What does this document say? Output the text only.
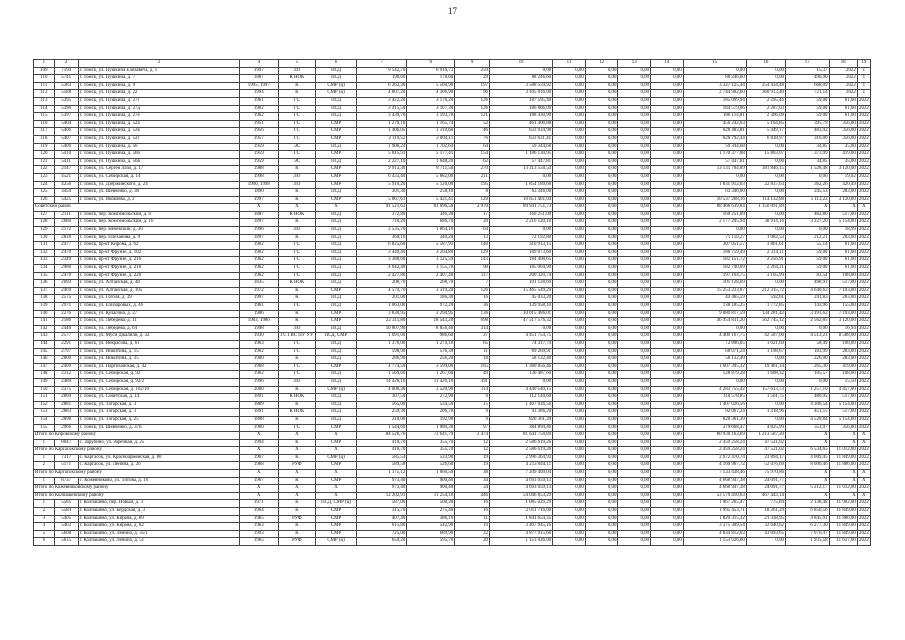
17
1	2	3	4	5	6	7	8	9	10	11	12	13	14	15	16	17	18	19
109	7194	г. Томск, ул. Пушкина Елизавета, д. 1	1997	ЛО	ПСД	9 542,70	6 916,73	259	0,00	0,00	0,00	0,00	0,00	0,00	0,00	15,37	2022	1
110	5741	г. Томск, ул. Пушкина, д. 7	1887	К НОК	ПСД	198,60	178,60	29	88 246,60	0,00	0,00	0,00	0,00	88 246,60	0,00	496,90	2022	1
111	5383	г. Томск, ул. Пушкина, д. 9	1995, 1997	К	СМР (ц)	6 262,30	5 560,90	197	3 588 559,92	0,00	0,00	0,00	0,00	3 327 125,44	254 434,48	668,09	2022	1
112	5588	г. Томск, ул. Пушкина, д. 22	1994	К	СМР (ц)	4 807,20	4 306,90	96	3 105 816,00	0,00	0,00	0,00	0,00	2 744 902,60	360 913,40	721,14	2022	1
113	5395	г. Томск, ул. Пушкина, д. 27г	1961	ГС	ПСД	3 422,20	3 176,20	126	187 595,40	0,00	0,00	0,00	0,00	185 099,94	2 295,46	59,00	61,00	2022
114	5396	г. Томск, ул. Пушкина, д. 27д	1962	ГС	ПСД	3 415,50	3 167,30	126	186 866,09	0,00	0,00	0,00	0,00	184 579,06	2 287,03	59,00	61,00	2022
115	5397	г. Томск, ул. Пушкина, д. 27е	1962	ГС	ПСД	3 439,70	3 193,70	121	188 430,90	0,00	0,00	0,00	0,00	186 114,81	2 306,09	59,00	61,00	2022
116	5404	г. Томск, ул. Пушкина, д. 52а	1951	ГС	СМР	1 279,18	1 165,74	52	461 406,88	0,00	0,00	0,00	0,00	456 242,03	5 164,85	395,79	356,00	2022
117	5406	г. Томск, ул. Пушкина, д. 52в	1956	ГС	СМР	1 406,05	1 310,60	46	633 934,98	0,00	0,00	0,00	0,00	628 483,81	5 449,17	483,92	356,00	2022
118	5407	г. Томск, ул. Пушкина, д. 52г	1957	ГС	СМР	2 119,52	2 004,11	76	633 631,41	0,00	0,00	0,00	0,00	626 792,44	6 838,97	316,00	356,00	2022
119	5409	г. Томск, ул. Пушкина, д. 56	1959	ЭС	ПСД	1 900,24	1 702,64	64	59 344,68	0,00	0,00	0,00	0,00	59 344,68	0,00	34,85	35,00	2022
120	5410	г. Томск, ул. Пушкина, д. 56б	1959	ГС	СМР	5 815,91	5 177,41	154	1 186 130,95	0,00	0,00	0,00	0,00	1 170 377,88	15 803,07	373,99	419,00	2022
121	5411	г. Томск, ул. Пушкина, д. 56в	1959	ЭС	ПСД	2 227,10	1 648,20	62	57 447,81	0,00	0,00	0,00	0,00	57 447,81	0,00	34,85	35,00	2022
122	2147	г. Томск, ул. Сергея Лазо, д. 17	1988	К	СМР	9 913,30	8 711,50	270	13 313 550,54	0,00	0,00	0,00	0,00	13 131 704,89	181 846,15	1 528,48	3 120,00	2022
123	4521	г. Томск, ул. Сибирская, д. 14	1998	ЛО	СМР	6 433,40	5 882,00	211	0,00	0,00	0,00	0,00	0,00	0,00	0,00	0,00	19,02	2022
124	4256	г. Томск, ул. Дзержинского, д. 24	1990, 1998	ЛО	СМР	5 910,20	5 120,00	195	1 854 189,66	0,00	0,00	0,00	0,00	1 831 912,03	22 837,63	362,26	420,49	2022
125	3454	г. Томск, ул. Шевченко, д. 38	1890	К	ПСД	301,30	258,10	8	63 346,00	0,00	0,00	0,00	0,00	63 346,00	0,00	245,53	283,00	2022
126	5425	г. Томск, ул. Яковлева, д. 2	1997	К	СМР	5 867,61	5 421,41	129	10 651 401,04	0,00	0,00	0,00	0,00	10 537 268,16	114 132,88	5 113,22	3 120,00	2022
Советский район			X	X	X	91 521,63	81 096,58	2 970	89 941 751,73	0,00	0,00	0,00	0,00	88 466 639,84	1 150 091,89	X	X	X
127	2111	г. Томск, пер. Комсомольский, д. 6	1887	К НОК	ПСД	372,80	346,30	17	160 251,09	0,00	0,00	0,00	0,00	160 251,09	0,00	462,80	517,00	2022
128	2680	г. Томск, пер. Комсомольский, д. 16	1897	К	ПСД	718,20	686,70	20	2 216 120,10	0,00	0,00	0,00	0,00	2 177 205,94	38 914,16	3 227,20	5 154,00	2022
129	2172	г. Томск, пер. Нечевский, д. 30	1996	ЛО	ПСД	2 535,70	1 864,10	64	0,00	0,00	0,00	0,00	0,00	0,00	0,00	0,00	18,99	2022
130	2818	г. Томск, пер. Плеханова, д. 9	1897	К	ПСД	360,10	340,20	13	72 192,80	0,00	0,00	0,00	0,00	71 110,27	1 082,53	212,21	283,00	2022
131	2477	г. Томск, пр-кт Кирова, д. 62	1962	ГС	ПСД	6 825,60	5 587,91	140	310 913,15	0,00	0,00	0,00	0,00	307 051,57	3 861,61	55,14	61,00	2022
132	2470	г. Томск, пр-кт Фрунзе, д. 102	1962	ГС	ПСД	3 449,40	3 204,80	129	189 073,60	0,00	0,00	0,00	0,00	186 759,49	2 314,11	59,00	61,00	2022
133	2349	г. Томск, пр-кт Фрунзе, д. 216	1962	ГС	ПСД	3 388,60	3 125,59	143	184 408,65	0,00	0,00	0,00	0,00	182 151,72	2 256,91	59,00	61,00	2022
134	2980	г. Томск, пр-кт Фрунзе, д. 218	1962	ГС	ПСД	4 042,40	3 155,70	90	185 004,90	0,00	0,00	0,00	0,00	182 740,69	2 264,21	59,00	61,00	2022
135	2479	г. Томск, пр-кт Фрунзе, д. 220	1962	ГС	ПСД	2 427,80	2 407,40	117	200 320,74	0,00	0,00	0,00	0,00	197 164,75	3 165,99	83,54	108,00	2022
136	2093	г. Томск, ул. Алтайская, д. 48	1835	К НОК	ПСД	208,70	208,70	7	101 128,69	0,00	0,00	0,00	0,00	101 128,69	0,00	498,91	517,00	2022
137	2469	г. Томск, ул. Алтайская, д. 105	1972	К	СМР	4 574,70	3 319,20	126	15 465 549,29	0,00	0,00	0,00	0,00	15 253 233,87	212 315,72	4 640,63	7 193,00	2022
138	2575	г. Томск, ул. Гоголя, д. 39	1907	К	ПСД	201,00	186,30	16	45 033,20	0,00	0,00	0,00	0,00	44 465,59	592,61	241,83	283,00	2022
139	2971	г. Томск, ул. Елизаровых, д. 46	1961	ГС	ПСД	1 063,00	972,20	36	139 958,10	0,00	0,00	0,00	0,00	138 185,25	1 772,85	143,96	155,00	2022
140	2276	г. Томск, ул. Кулагина, д. 27	1986	К	СМР	3 830,95	3 294,95	136	10 015 486,01	0,00	0,00	0,00	0,00	9 880 817,59	134 281,42	3 191,62	7 193,00	2022
141	2186	г. Томск, ул. Лебедева, д. 11	1983, 1986	К	СМР	22 311,80	18 543,20	698	47 517 576,32	0,00	0,00	0,00	0,00	46 954 831,20	562 745,12	2 562,85	3 120,00	2022
142	2440	г. Томск, ул. Лебедева, д. 64	1998	ЛО	ПСД	10 807,90	8 856,40	314	0,00	0,00	0,00	0,00	0,00	0,00	0,00	0,00	16,94	2022
143	2577	г. Томск, ул. Муси Джалиля, д. 32	1930	ГС ГВС ПУ УУ	ПСД, СМР	1 091,00	986,60	37	4 451 754,75	0,00	0,00	0,00	0,00	4 409 167,75	42 587,00	4 513,21	8 588,00	2022
144	2291	г. Томск, ул. Некрасова, д. 61	1963	ГС	ПСД	1 376,00	1 274,10	65	74 317,74	0,00	0,00	0,00	0,00	72 896,05	1 621,69	58,49	108,00	2022
145	2797	г. Томск, ул. Никитина, д. 15	1962	ГС	ПСД	598,90	576,30	11	69 269,91	0,00	0,00	0,00	0,00	68 071,24	1 198,67	183,99	283,00	2022
146	2800	г. Томск, ул. Никитина, д. 35	1900	К	ПСД	286,90	256,20	18	58 132,40	0,00	0,00	0,00	0,00	58 132,40	0,00	226,90	283,00	2022
147	2409	г. Томск, ул. Партизанская, д. 42	1968	ГС	СМР	4 774,50	3 599,00	165	1 380 856,46	0,00	0,00	0,00	0,00	1 607 395,32	19 461,14	265,30	419,00	2022
148	2312	г. Томск, ул. Сибирская, д. 92	1962	ГС	ПСД	1 569,60	1 267,60	49	130 487,60	0,00	0,00	0,00	0,00	128 879,28	1 608,32	105,57	108,00	2022
149	2489	г. Томск, ул. Сибирская, д. 92/2	1996	ЛО	ПСД	14 426,10	11 426,10	391	0,00	0,00	0,00	0,00	0,00	0,00	0,00	0,00	15,50	2022
150	2375	г. Томск, ул. Сибирская, д. 102/10	2000	К	СМР (ц)	4 006,30	3 520,90	114	4 440 540,15	0,00	0,00	0,00	0,00	4 283 755,42	157 613,73	1 257,10	4 457,00	2022
151	2869	г. Томск, ул. Советская, д. 14	1891	К НОК	ПСД	307,50	272,90	9	112 140,60	0,00	0,00	0,00	0,00	110 578,85	1 561,75	480,95	517,00	2022
152	2881	г. Томск, ул. Татарская, д. 3	1889	К	ПСД	565,00	534,50	15	1 407 026,56	0,00	0,00	0,00	0,00	1 407 026,56	0,00	4 306,54	5 154,00	2022
153	2883	г. Томск, ул. Татарская, д. 3	1891	К НОК	ПСД	259,30	206,70	9	93 386,20	0,00	0,00	0,00	0,00	92 067,24	1 318,96	451,55	517,00	2022
154	2898	г. Томск, ул. Татарская, д. 25	1898	К	ПСД	210,00	192,90	9	820 361,39	0,00	0,00	0,00	0,00	820 361,39	0,00	4 520,84	5 154,00	2022
155	2966	г. Томск, ул. Шевченко, д. 37б	1960	ГС	СМР	1 544,60	1 080,30	97	384 894,46	0,00	0,00	0,00	0,00	379 668,47	4 825,99	353,97	356,00	2022
Итого по Кировскому району			X	X	X	84 526,76	73 641,79	2 474	81 641 750,89	0,00	0,00	0,00	0,00	80 930 163,69	1 213 587,20	X	X	X
1	8047	с. Зарубино, ул. Заречная, д. 25	1994	К	СМР	410,70	355,70	12	2 586 619,26	0,00	0,00	0,00	0,00	2 459 258,24	47 521,02	X	X	X
Итого по Каргасокскому району			X	X	X	410,70	355,70	12	2 586 619,26	0,00	0,00	0,00	0,00	2 459 258,24	47 521,02	6 534,65	11 012,00	2022
1	7317	с. Каргасок, ул. Красноармейская, д. 80	1967	К	СМР (ц)	585,54	533,90	19	2 996 364,93	0,00	0,00	0,00	0,00	2 972 470,74	23 894,17	4 009,45	11 849,00	2022
2	5171	с. Каргасок, ул. Ленина, д. 26	1968	РУФ	СМР	589,58	526,60	19	4 213 044,11	0,00	0,00	0,00	0,00	4 160 967,72	52 076,69	8 000,46	11 886,00	2022
Итого по Каргасокскому району			X	X	X	1 175,12	1 060,50	38	7 209 409,04	0,00	0,00	0,00	0,00	7 133 438,46	75 970,86	X	X	X
1	8737	с. Кожевниково, ул. Титова, д. 10	1967	К	СМР	973,40	900,40	34	4 693 059,13	0,00	0,00	0,00	0,00	4 668 947,38	24 091,77	X	X	X
Итого по Кожевниковскому району			X	X	X	973,40	900,40	34	4 693 059,13	0,00	0,00	0,00	0,00	4 668 947,38	24 091,77	5 212,17	11 012,00	2022
Итого по Колпашевскому району			X	X	X	12 202,91	11 254,10	446	54 046 853,29	0,00	0,00	0,00	0,00	53 579 410,63	467 443,14	X	X	X
1	5585	г. Колпашево, пер. Новый, д. 3	1971	К	ПСД, СМР (ц)	587,00	508,30	16	1 085 029,29	0,00	0,00	0,00	0,00	1 067 265,47	775,84	2 138,48	11 982,00	2022
2	5584	г. Колпашево, ул. Бердская, д. 3	1964	К	СМР	315,70	275,40	16	2 011 716,00	0,00	0,00	0,00	0,00	1 995 453,71	18 261,29	6 856,56	11 849,00	2022
3	5405	г. Колпашево, ул. Кирова, д. 89	1965	РУФ	СМР	407,40	386,10	11	1 841 654,35	0,00	0,00	0,00	0,00	1 820 315,32	21 338,95	4 845,91	11 886,00	2022
4	5463	г. Колпашево, ул. Кирова, д. 82	1963	К	СМР	615,80	542,90	19	3 407 945,16	0,00	0,00	0,00	0,00	3 375 309,54	32 640,62	6 277,30	11 849,00	2022
5	5608	г. Колпашево, ул. Ленина, д. 35/1	1993	К	СМР	725,00	689,90	22	4 877 915,68	0,00	0,00	0,00	0,00	4 834 812,03	43 093,65	7 070,47	11 849,00	2022
6	5615	г. Колпашево, ул. Ленина, д. 51	1965	РУФ	СМР (ц)	659,20	595,70	20	1 153 026,00	0,00	0,00	0,00	0,00	1 153 026,00	0,00	1 935,58	11 637,00	2022
